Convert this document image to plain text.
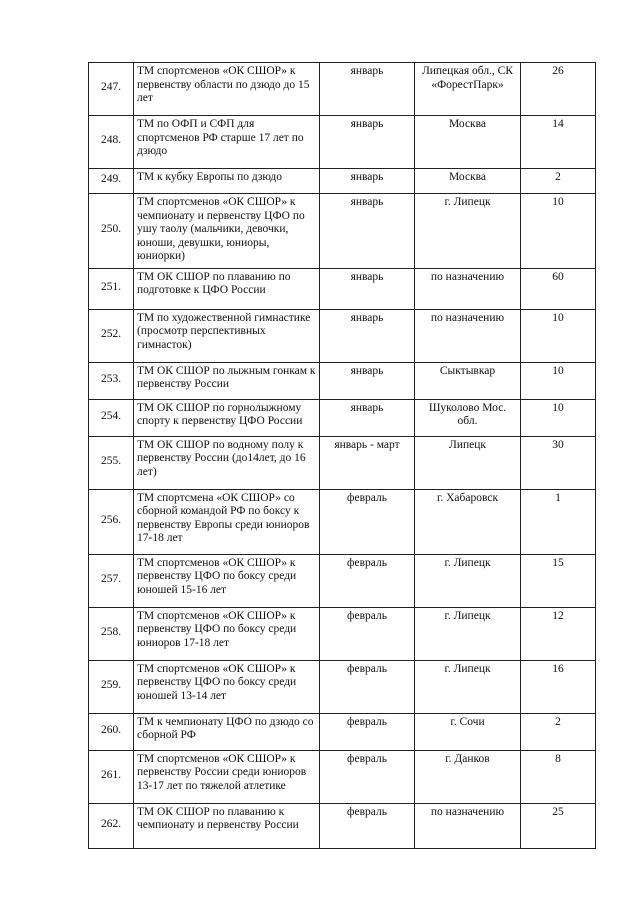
247.	ТМ спортсменов «ОК СШОР» к первенству области по дзюдо до 15 лет	январь	Липецкая обл., СК «ФорестПарк»	26
248.	ТМ по ОФП и СФП для спортсменов РФ старше 17 лет по дзюдо	январь	Москва	14
249.	ТМ к кубку Европы по дзюдо	январь	Москва	2
250.	ТМ спортсменов «ОК СШОР» к чемпионату и первенству ЦФО по ушу таолу (мальчики, девочки, юноши, девушки, юниоры, юниорки)	январь	г. Липецк	10
251.	ТМ ОК СШОР по плаванию по подготовке к ЦФО России	январь	по назначению	60
252.	ТМ по художественной гимнастике (просмотр перспективных гимнасток)	январь	по назначению	10
253.	ТМ ОК СШОР по лыжным гонкам к первенству России	январь	Сыктывкар	10
254.	ТМ ОК СШОР по горнолыжному спорту к первенству ЦФО России	январь	Шуколово Мос. обл.	10
255.	ТМ ОК СШОР по водному полу к первенству России (до14лет, до 16 лет)	январь - март	Липецк	30
256.	ТМ спортсмена «ОК СШОР» со сборной командой РФ по боксу к первенству Европы среди юниоров 17-18 лет	февраль	г. Хабаровск	1
257.	ТМ спортсменов «ОК СШОР» к первенству ЦФО по боксу среди юношей 15-16 лет	февраль	г. Липецк	15
258.	ТМ спортсменов «ОК СШОР» к первенству ЦФО по боксу среди юниоров 17-18 лет	февраль	г. Липецк	12
259.	ТМ спортсменов «ОК СШОР» к первенству ЦФО по боксу среди юношей 13-14 лет	февраль	г. Липецк	16
260.	ТМ к чемпионату ЦФО по дзюдо со сборной РФ	февраль	г. Сочи	2
261.	ТМ спортсменов «ОК СШОР» к первенству России среди юниоров 13-17 лет по тяжелой атлетике	февраль	г. Данков	8
262.	ТМ ОК СШОР по плаванию к чемпионату и первенству России	февраль	по назначению	25
